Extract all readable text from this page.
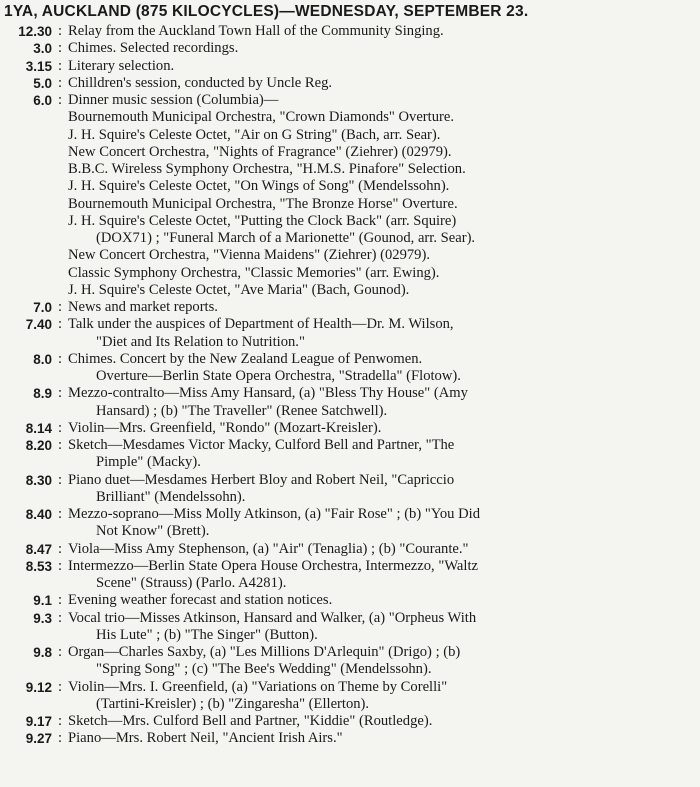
1YA, AUCKLAND (875 KILOCYCLES)—WEDNESDAY, SEPTEMBER 23.
12.30 : Relay from the Auckland Town Hall of the Community Singing.
3.0 : Chimes. Selected recordings.
3.15 : Literary selection.
5.0 : Chilldren's session, conducted by Uncle Reg.
6.0 : Dinner music session (Columbia)—
Bournemouth Municipal Orchestra, "Crown Diamonds" Overture.
J. H. Squire's Celeste Octet, "Air on G String" (Bach, arr. Sear).
New Concert Orchestra, "Nights of Fragrance" (Ziehrer) (02979).
B.B.C. Wireless Symphony Orchestra, "H.M.S. Pinafore" Selection.
J. H. Squire's Celeste Octet, "On Wings of Song" (Mendelssohn).
Bournemouth Municipal Orchestra, "The Bronze Horse" Overture.
J. H. Squire's Celeste Octet, "Putting the Clock Back" (arr. Squire)
(DOX71) ; "Funeral March of a Marionette" (Gounod, arr. Sear).
New Concert Orchestra, "Vienna Maidens" (Ziehrer) (02979).
Classic Symphony Orchestra, "Classic Memories" (arr. Ewing).
J. H. Squire's Celeste Octet, "Ave Maria" (Bach, Gounod).
7.0 : News and market reports.
7.40 : Talk under the auspices of Department of Health—Dr. M. Wilson,
"Diet and Its Relation to Nutrition."
8.0 : Chimes. Concert by the New Zealand League of Penwomen.
Overture—Berlin State Opera Orchestra, "Stradella" (Flotow).
8.9 : Mezzo-contralto—Miss Amy Hansard, (a) "Bless Thy House" (Amy
Hansard) ; (b) "The Traveller" (Renee Satchwell).
8.14 : Violin—Mrs. Greenfield, "Rondo" (Mozart-Kreisler).
8.20 : Sketch—Mesdames Victor Macky, Culford Bell and Partner, "The
Pimple" (Macky).
8.30 : Piano duet—Mesdames Herbert Bloy and Robert Neil, "Capriccio
Brilliant" (Mendelssohn).
8.40 : Mezzo-soprano—Miss Molly Atkinson, (a) "Fair Rose" ; (b) "You Did
Not Know" (Brett).
8.47 : Viola—Miss Amy Stephenson, (a) "Air" (Tenaglia) ; (b) "Courante."
8.53 : Intermezzo—Berlin State Opera House Orchestra, Intermezzo, "Waltz
Scene" (Strauss) (Parlo. A4281).
9.1 : Evening weather forecast and station notices.
9.3 : Vocal trio—Misses Atkinson, Hansard and Walker, (a) "Orpheus With
His Lute" ; (b) "The Singer" (Button).
9.8 : Organ—Charles Saxby, (a) "Les Millions D'Arlequin" (Drigo) ; (b)
"Spring Song" ; (c) "The Bee's Wedding" (Mendelssohn).
9.12 : Violin—Mrs. I. Greenfield, (a) "Variations on Theme by Corelli"
(Tartini-Kreisler) ; (b) "Zingaresha" (Ellerton).
9.17 : Sketch—Mrs. Culford Bell and Partner, "Kiddie" (Routledge).
9.27 : Piano—Mrs. Robert Neil, "Ancient Irish Airs."
